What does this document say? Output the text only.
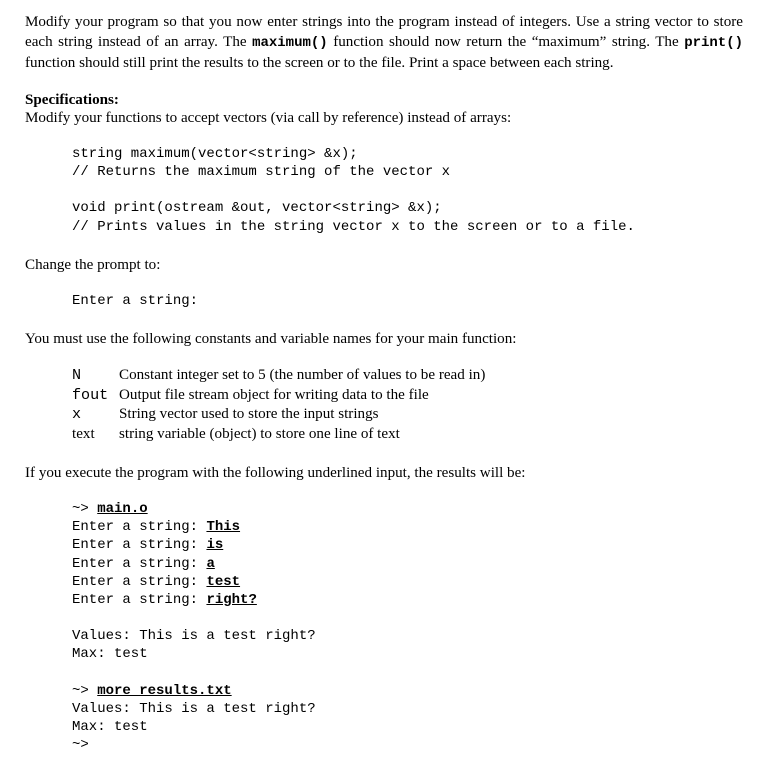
Modify your program so that you now enter strings into the program instead of integers. Use a string vector to store each string instead of an array. The maximum() function should now return the “maximum” string. The print() function should still print the results to the screen or to the file. Print a space between each string.

Specifications:
Modify your functions to accept vectors (via call by reference) instead of arrays:
string maximum(vector<string> &x);
// Returns the maximum string of the vector x
void print(ostream &out, vector<string> &x);
// Prints values in the string vector x to the screen or to a file.
Change the prompt to:
Enter a string:
You must use the following constants and variable names for your main function:
N	Constant integer set to 5 (the number of values to be read in)
fout	Output file stream object for writing data to the file
x	String vector used to store the input strings
text	string variable (object) to store one line of text
If you execute the program with the following underlined input, the results will be:
~> main.o
Enter a string: This
Enter a string: is
Enter a string: a
Enter a string: test
Enter a string: right?
Values: This is a test right?
Max: test
~> more results.txt
Values: This is a test right?
Max: test
~>
